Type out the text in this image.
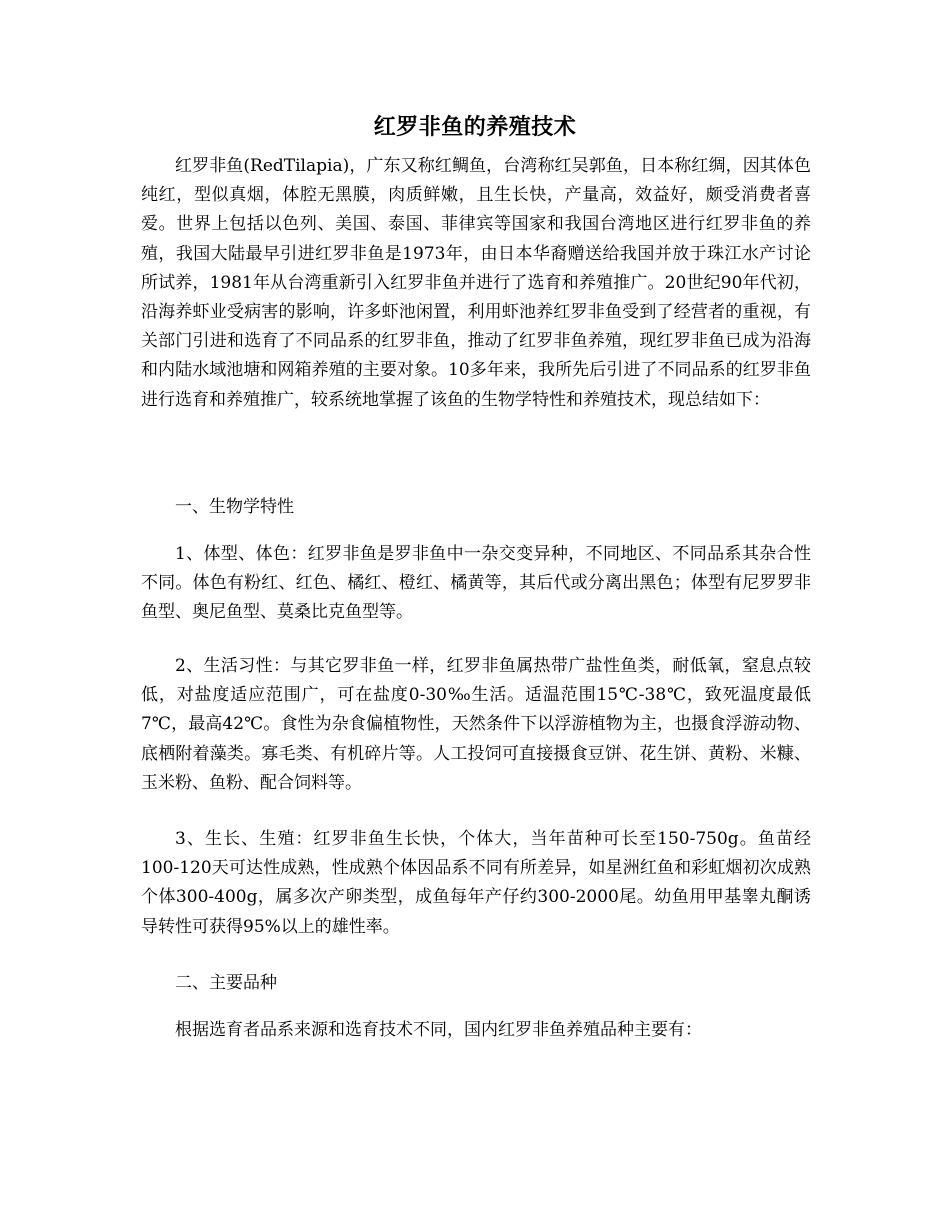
红罗非鱼的养殖技术

红罗非鱼(RedTilapia)，广东又称红鲷鱼，台湾称红吴郭鱼，日本称红绸，因其体色纯红，型似真烟，体腔无黑膜，肉质鲜嫩，且生长快，产量高，效益好，颇受消费者喜爱。世界上包括以色列、美国、泰国、菲律宾等国家和我国台湾地区进行红罗非鱼的养殖，我国大陆最早引进红罗非鱼是1973年，由日本华裔赠送给我国并放于珠江水产讨论所试养，1981年从台湾重新引入红罗非鱼并进行了选育和养殖推广。20世纪90年代初，沿海养虾业受病害的影响，许多虾池闲置，利用虾池养红罗非鱼受到了经营者的重视，有关部门引进和选育了不同品系的红罗非鱼，推动了红罗非鱼养殖，现红罗非鱼已成为沿海和内陆水域池塘和网箱养殖的主要对象。10多年来，我所先后引进了不同品系的红罗非鱼进行选育和养殖推广，较系统地掌握了该鱼的生物学特性和养殖技术，现总结如下：

一、生物学特性

1、体型、体色：红罗非鱼是罗非鱼中一杂交变异种，不同地区、不同品系其杂合性不同。体色有粉红、红色、橘红、橙红、橘黄等，其后代或分离出黑色；体型有尼罗罗非鱼型、奥尼鱼型、莫桑比克鱼型等。

2、生活习性：与其它罗非鱼一样，红罗非鱼属热带广盐性鱼类，耐低氧，窒息点较低，对盐度适应范围广，可在盐度0-30‰生活。适温范围15℃-38℃，致死温度最低7℃，最高42℃。食性为杂食偏植物性，天然条件下以浮游植物为主，也摄食浮游动物、底栖附着藻类。寡毛类、有机碎片等。人工投饲可直接摄食豆饼、花生饼、黄粉、米糠、玉米粉、鱼粉、配合饲料等。

3、生长、生殖：红罗非鱼生长快，个体大，当年苗种可长至150-750g。鱼苗经100-120天可达性成熟，性成熟个体因品系不同有所差异，如星洲红鱼和彩虹烟初次成熟个体300-400g，属多次产卵类型，成鱼每年产仔约300-2000尾。幼鱼用甲基睾丸酮诱导转性可获得95%以上的雄性率。

二、主要品种

根据选育者品系来源和选育技术不同，国内红罗非鱼养殖品种主要有：
